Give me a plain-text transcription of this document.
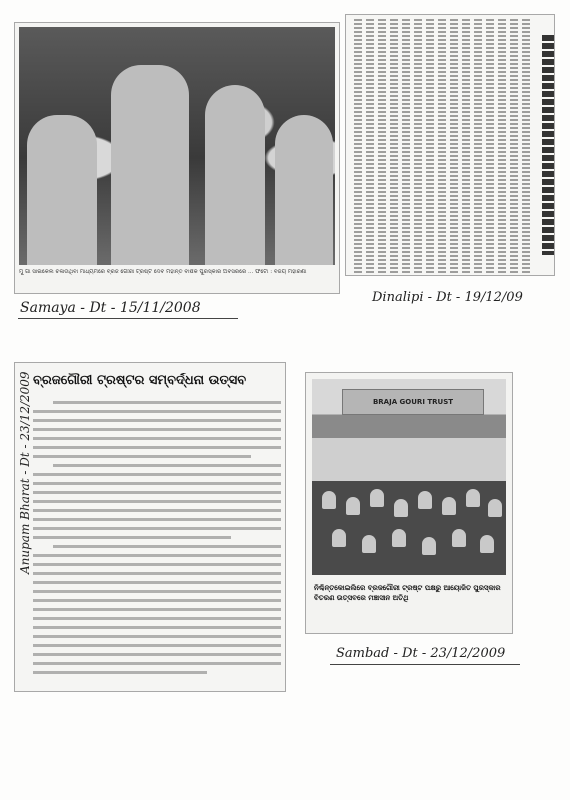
ମୁଁ ଗାଁ ସାଇକେଲ ଚଳାଉଥିବା ମାଧ୍ୟମରେ ବ୍ରଜ ଗୌରୀ ଟ୍ରଷ୍ଟ ଦେବ ମହାନ୍ତି ବାର୍ଷିକ ପୁରସ୍କାର ଅବସରରେ ... ଫଟୋ : ବିଜୟ ମହାରଣା
Samaya - Dt - 15/11/2008
Dinalipi - Dt - 19/12/09
ବ୍ରଜଗୌରୀ ଟ୍ରଷ୍ଟର ସମ୍ବର୍ଦ୍ଧନା ଉତ୍ସବ
Anupam Bharat - Dt - 23/12/2009	BRAJA GOURI TRUST
ନିଶ୍ଚିନ୍ତକୋଇଲିରେ ବ୍ରଜଗୌରୀ ଟ୍ରଷ୍ଟ ପକ୍ଷରୁ ଆୟୋଜିତ ପୁରସ୍କାର ବିତରଣ ଉତ୍ସବରେ ମଞ୍ଚାସୀନ ଅତିଥି
Sambad - Dt - 23/12/2009
